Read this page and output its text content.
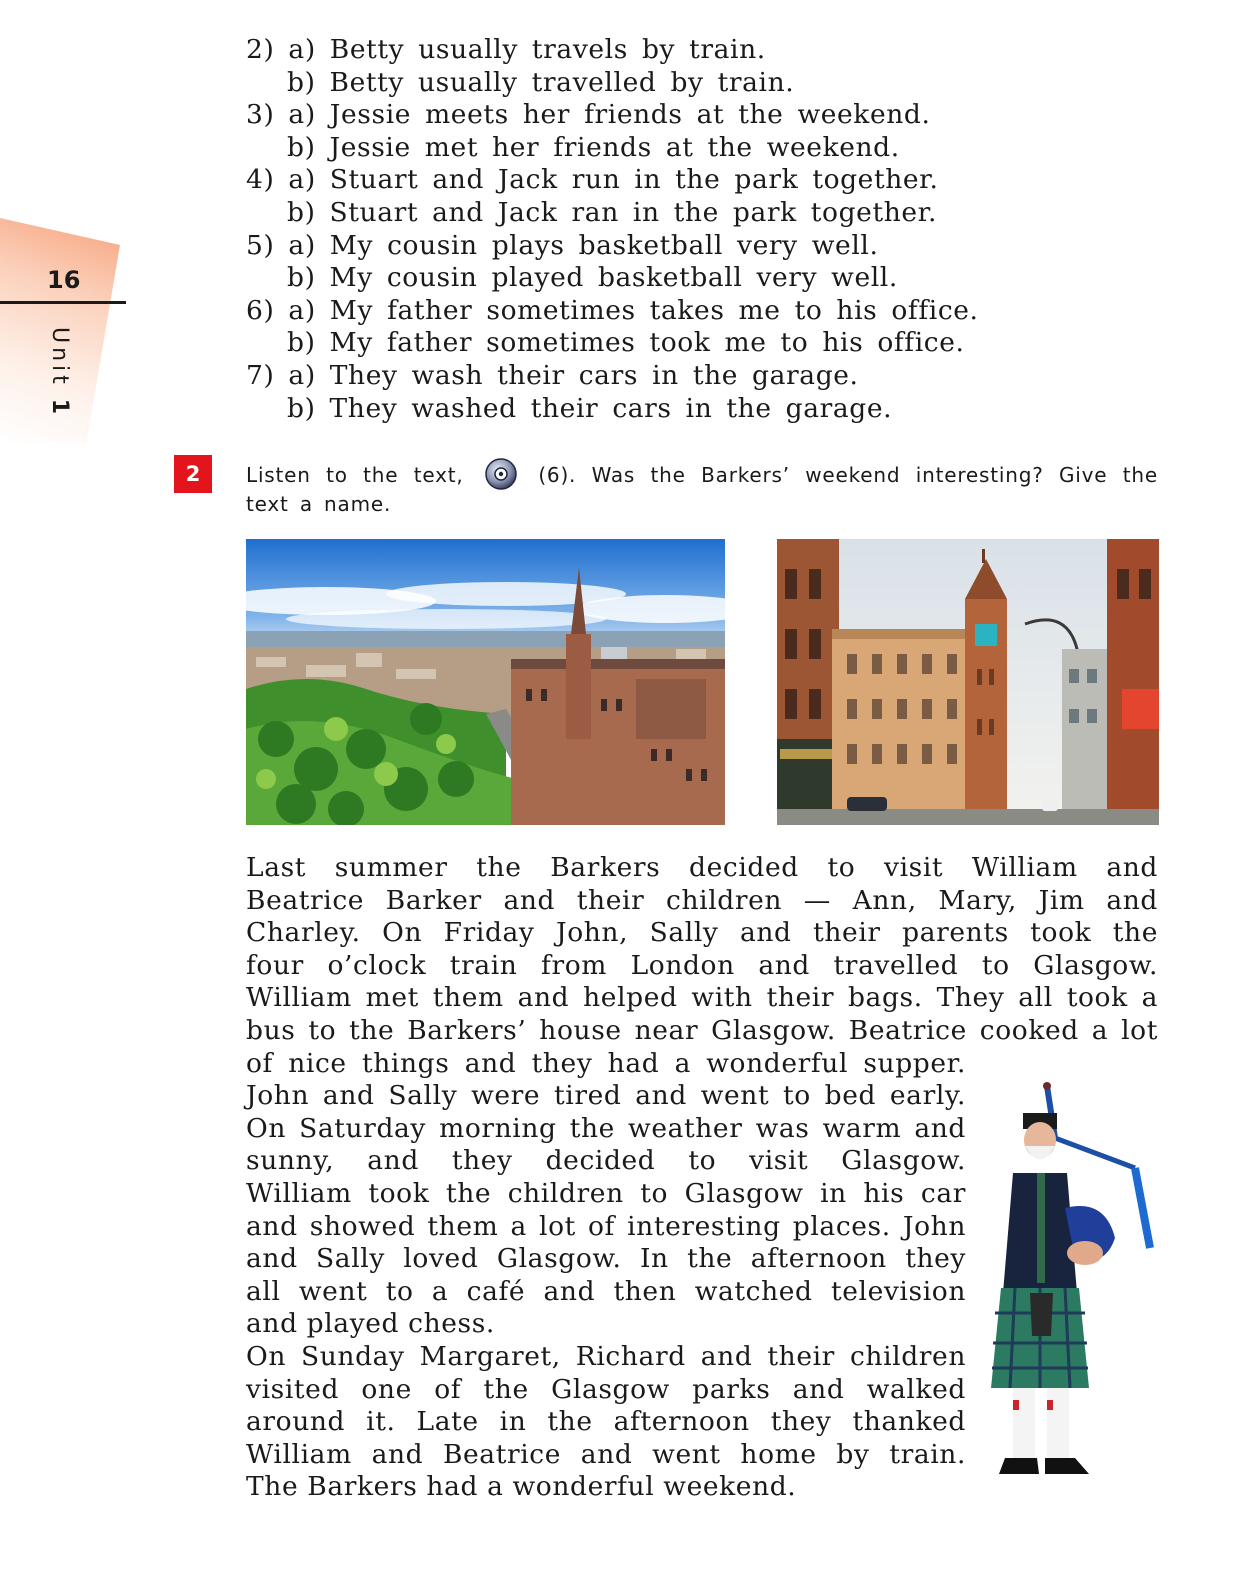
16
Unit 1
2) a) Betty usually travels by train.
b) Betty usually travelled by train.
3) a) Jessie meets her friends at the weekend.
b) Jessie met her friends at the weekend.
4) a) Stuart and Jack run in the park together.
b) Stuart and Jack ran in the park together.
5) a) My cousin plays basketball very well.
b) My cousin played basketball very well.
6) a) My father sometimes takes me to his office.
b) My father sometimes took me to his office.
7) a) They wash their cars in the garage.
b) They washed their cars in the garage.
2	Listen to the text,	(6). Was the Barkers’ weekend interesting? Give the text a name.
Last summer the Barkers decided to visit William and
Beatrice Barker and their children — Ann, Mary, Jim and
Charley. On Friday John, Sally and their parents took the
four o’clock train from London and travelled to Glasgow.
William met them and helped with their bags. They all took a
bus to the Barkers’ house near Glasgow. Beatrice cooked a lot
of nice things and they had a wonderful supper.
John and Sally were tired and went to bed early.
On Saturday morning the weather was warm and
sunny, and they decided to visit Glasgow.
William took the children to Glasgow in his car
and showed them a lot of interesting places. John
and Sally loved Glasgow. In the afternoon they
all went to a café and then watched television
and played chess.
On Sunday Margaret, Richard and their children
visited one of the Glasgow parks and walked
around it. Late in the afternoon they thanked
William and Beatrice and went home by train.
The Barkers had a wonderful weekend.
